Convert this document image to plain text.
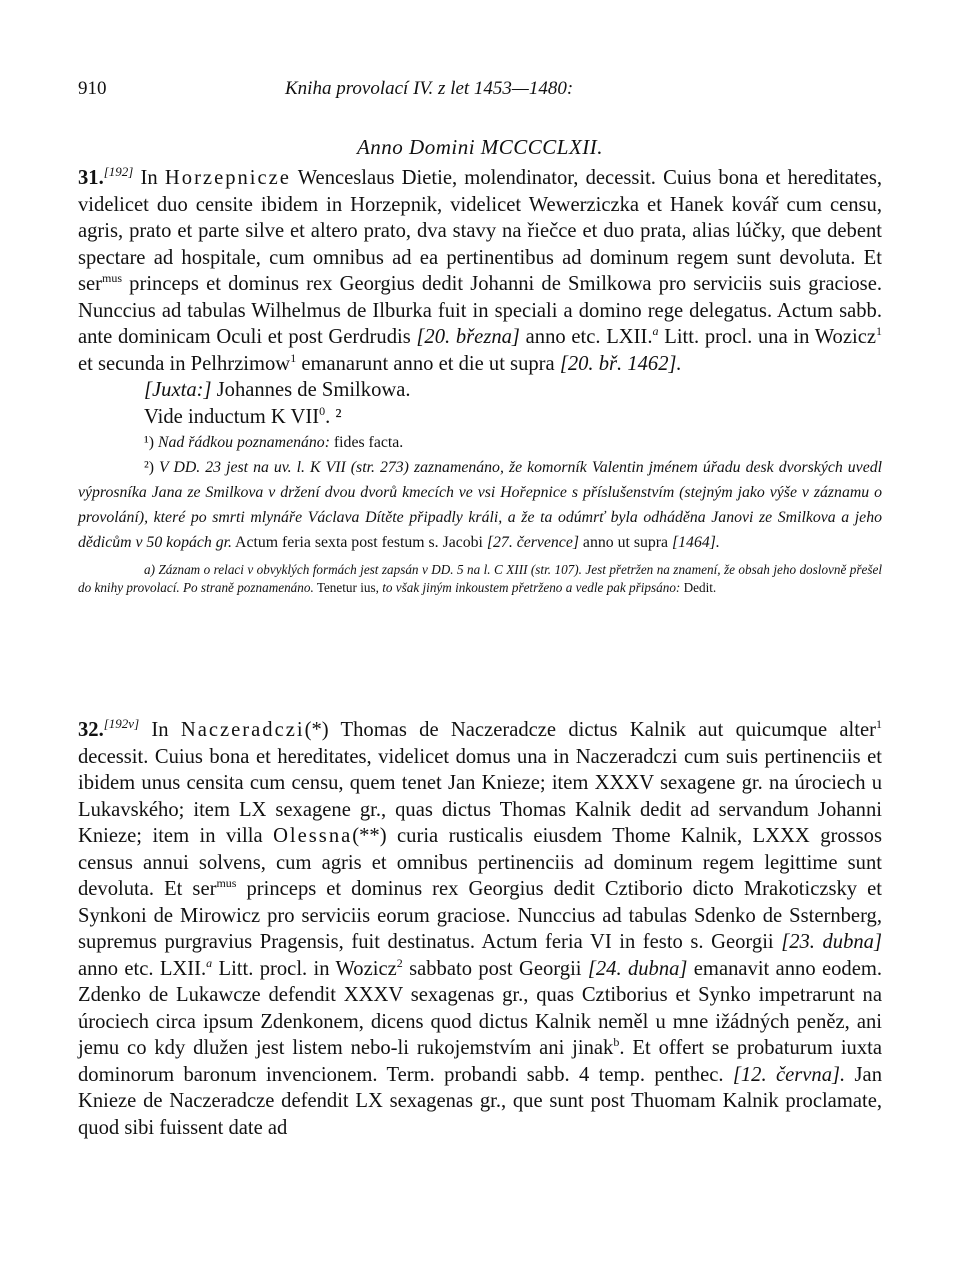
910	Kniha provolací IV. z let 1453—1480:
Anno Domini MCCCCLXII.

31.[192] In Horzepnicze Wenceslaus Dietie, molendinator, decessit. Cuius bona et hereditates, videlicet duo censite ibidem in Horzepnik, videlicet Wewerziczka et Hanek kovář cum censu, agris, prato et parte silve et altero prato, dva stavy na řiečce et duo prata, alias lúčky, que debent spectare ad hospitale, cum omnibus ad ea pertinentibus ad dominum regem sunt devoluta. Et ser$^{mus}$ princeps et dominus rex Georgius dedit Johanni de Smilkowa pro serviciis suis graciose. Nunccius ad tabulas Wilhelmus de Ilburka fuit in speciali a domino rege delegatus. Actum sabb. ante dominicam Oculi et post Gerdrudis [20. března] anno etc. LXII.$^a$ Litt. procl. una in Wozicz$^1$ et secunda in Pelhrzimow$^1$ emanarunt anno et die ut supra [20. bř. 1462].

[Juxta:] Johannes de Smilkowa.

Vide inductum K VII$^0$. ²

¹) Nad řádkou poznamenáno: fides facta.

²) V DD. 23 jest na uv. l. K VII (str. 273) zaznamenáno, že komorník Valentin jménem úřadu desk dvorských uvedl výprosníka Jana ze Smilkova v držení dvou dvorů kmecích ve vsi Hořepnice s příslušenstvím (stejným jako výše v záznamu o provolání), které po smrti mlynáře Václava Dítěte připadly králi, a že ta odúmrť byla odháděna Janovi ze Smilkova a jeho dědicům v 50 kopách gr. Actum feria sexta post festum s. Jacobi [27. července] anno ut supra [1464].

a) Záznam o relaci v obvyklých formách jest zapsán v DD. 5 na l. C XIII (str. 107). Jest přetržen na znamení, že obsah jeho doslovně přešel do knihy provolací. Po straně poznamenáno. Tenetur ius, to však jiným inkoustem přetrženo a vedle pak připsáno: Dedit.

32.[192v] In Naczeradczi(*) Thomas de Naczeradcze dictus Kalnik aut quicumque alter$^1$ decessit. Cuius bona et hereditates, videlicet domus una in Naczeradczi cum suis pertinenciis et ibidem unus censita cum censu, quem tenet Jan Knieze; item XXXV sexagene gr. na úrociech u Lukavského; item LX sexagene gr., quas dictus Thomas Kalnik dedit ad servandum Johanni Knieze; item in villa Olessna(**) curia rusticalis eiusdem Thome Kalnik, LXXX grossos census annui solvens, cum agris et omnibus pertinenciis ad dominum regem legittime sunt devoluta. Et ser$^{mus}$ princeps et dominus rex Georgius dedit Cztiborio dicto Mrakoticzsky et Synkoni de Mirowicz pro serviciis eorum graciose. Nunccius ad tabulas Sdenko de Ssternberg, supremus purgravius Pragensis, fuit destinatus. Actum feria VI in festo s. Georgii [23. dubna] anno etc. LXII.$^a$ Litt. procl. in Wozicz$^2$ sabbato post Georgii [24. dubna] emanavit anno eodem. Zdenko de Lukawcze defendit XXXV sexagenas gr., quas Cztiborius et Synko impetrarunt na úrociech circa ipsum Zdenkonem, dicens quod dictus Kalnik neměl u mne ižádných peněz, ani jemu co kdy dlužen jest listem nebo-li rukojemstvím ani jinak$^b$. Et offert se probaturum iuxta dominorum baronum invencionem. Term. probandi sabb. 4 temp. penthec. [12. června]. Jan Knieze de Naczeradcze defendit LX sexagenas gr., que sunt post Thuomam Kalnik proclamate, quod sibi fuissent date ad
